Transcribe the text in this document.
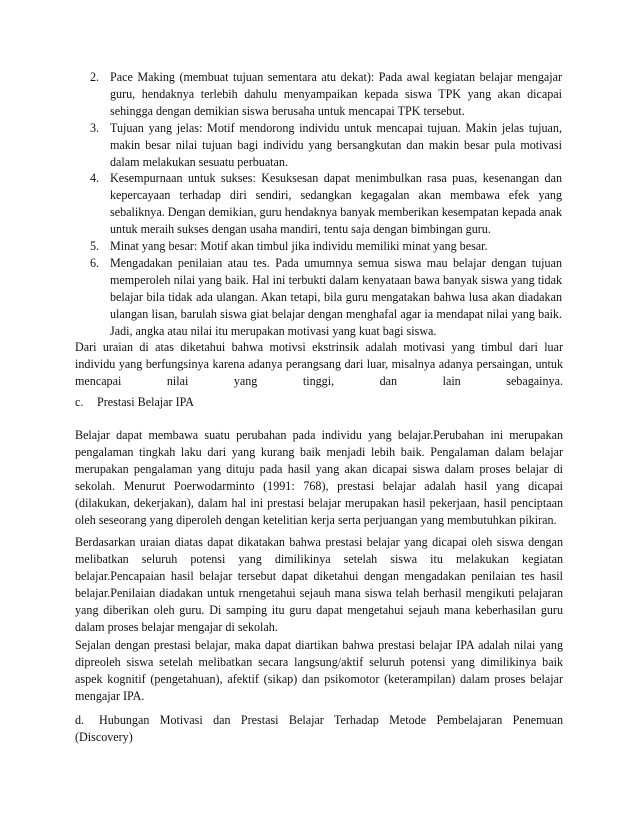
2. Pace Making (membuat tujuan sementara atu dekat): Pada awal kegiatan belajar mengajar guru, hendaknya terlebih dahulu menyampaikan kepada siswa TPK yang akan dicapai sehingga dengan demikian siswa berusaha untuk mencapai TPK tersebut.
3. Tujuan yang jelas: Motif mendorong individu untuk mencapai tujuan. Makin jelas tujuan, makin besar nilai tujuan bagi individu yang bersangkutan dan makin besar pula motivasi dalam melakukan sesuatu perbuatan.
4. Kesempurnaan untuk sukses: Kesuksesan dapat menimbulkan rasa puas, kesenangan dan kepercayaan terhadap diri sendiri, sedangkan kegagalan akan membawa efek yang sebaliknya. Dengan demikian, guru hendaknya banyak memberikan kesempatan kepada anak untuk meraih sukses dengan usaha mandiri, tentu saja dengan bimbingan guru.
5. Minat yang besar: Motif akan timbul jika individu memiliki minat yang besar.
6. Mengadakan penilaian atau tes. Pada umumnya semua siswa mau belajar dengan tujuan memperoleh nilai yang baik. Hal ini terbukti dalam kenyataan bawa banyak siswa yang tidak belajar bila tidak ada ulangan. Akan tetapi, bila guru mengatakan bahwa lusa akan diadakan ulangan lisan, barulah siswa giat belajar dengan menghafal agar ia mendapat nilai yang baik. Jadi, angka atau nilai itu merupakan motivasi yang kuat bagi siswa.

Dari uraian di atas diketahui bahwa motivsi ekstrinsik adalah motivasi yang timbul dari luar individu yang berfungsinya karena adanya perangsang dari luar, misalnya adanya persaingan, untuk mencapai nilai yang tinggi, dan lain sebagainya.

c. Prestasi Belajar IPA

Belajar dapat membawa suatu perubahan pada individu yang belajar.Perubahan ini merupakan pengalaman tingkah laku dari yang kurang baik menjadi lebih baik. Pengalaman dalam belajar merupakan pengalaman yang dituju pada hasil yang akan dicapai siswa dalam proses belajar di sekolah. Menurut Poerwodarminto (1991: 768), prestasi belajar adalah hasil yang dicapai (dilakukan, dekerjakan), dalam hal ini prestasi belajar merupakan hasil pekerjaan, hasil penciptaan oleh seseorang yang diperoleh dengan ketelitian kerja serta perjuangan yang membutuhkan pikiran.

Berdasarkan uraian diatas dapat dikatakan bahwa prestasi belajar yang dicapai oleh siswa dengan melibatkan seluruh potensi yang dimilikinya setelah siswa itu melakukan kegiatan belajar.Pencapaian hasil belajar tersebut dapat diketahui dengan mengadakan penilaian tes hasil belajar.Penilaian diadakan untuk rnengetahui sejauh mana siswa telah berhasil mengikuti pelajaran yang diberikan oleh guru. Di samping itu guru dapat mengetahui sejauh mana keberhasilan guru dalam proses belajar mengajar di sekolah.

Sejalan dengan prestasi belajar, maka dapat diartikan bahwa prestasi belajar IPA adalah nilai yang dipreoleh siswa setelah melibatkan secara langsung/aktif seluruh potensi yang dimilikinya baik aspek kognitif (pengetahuan), afektif (sikap) dan psikomotor (keterampilan) dalam proses belajar mengajar IPA.

d. Hubungan Motivasi dan Prestasi Belajar Terhadap Metode Pembelajaran Penemuan (Discovery)
